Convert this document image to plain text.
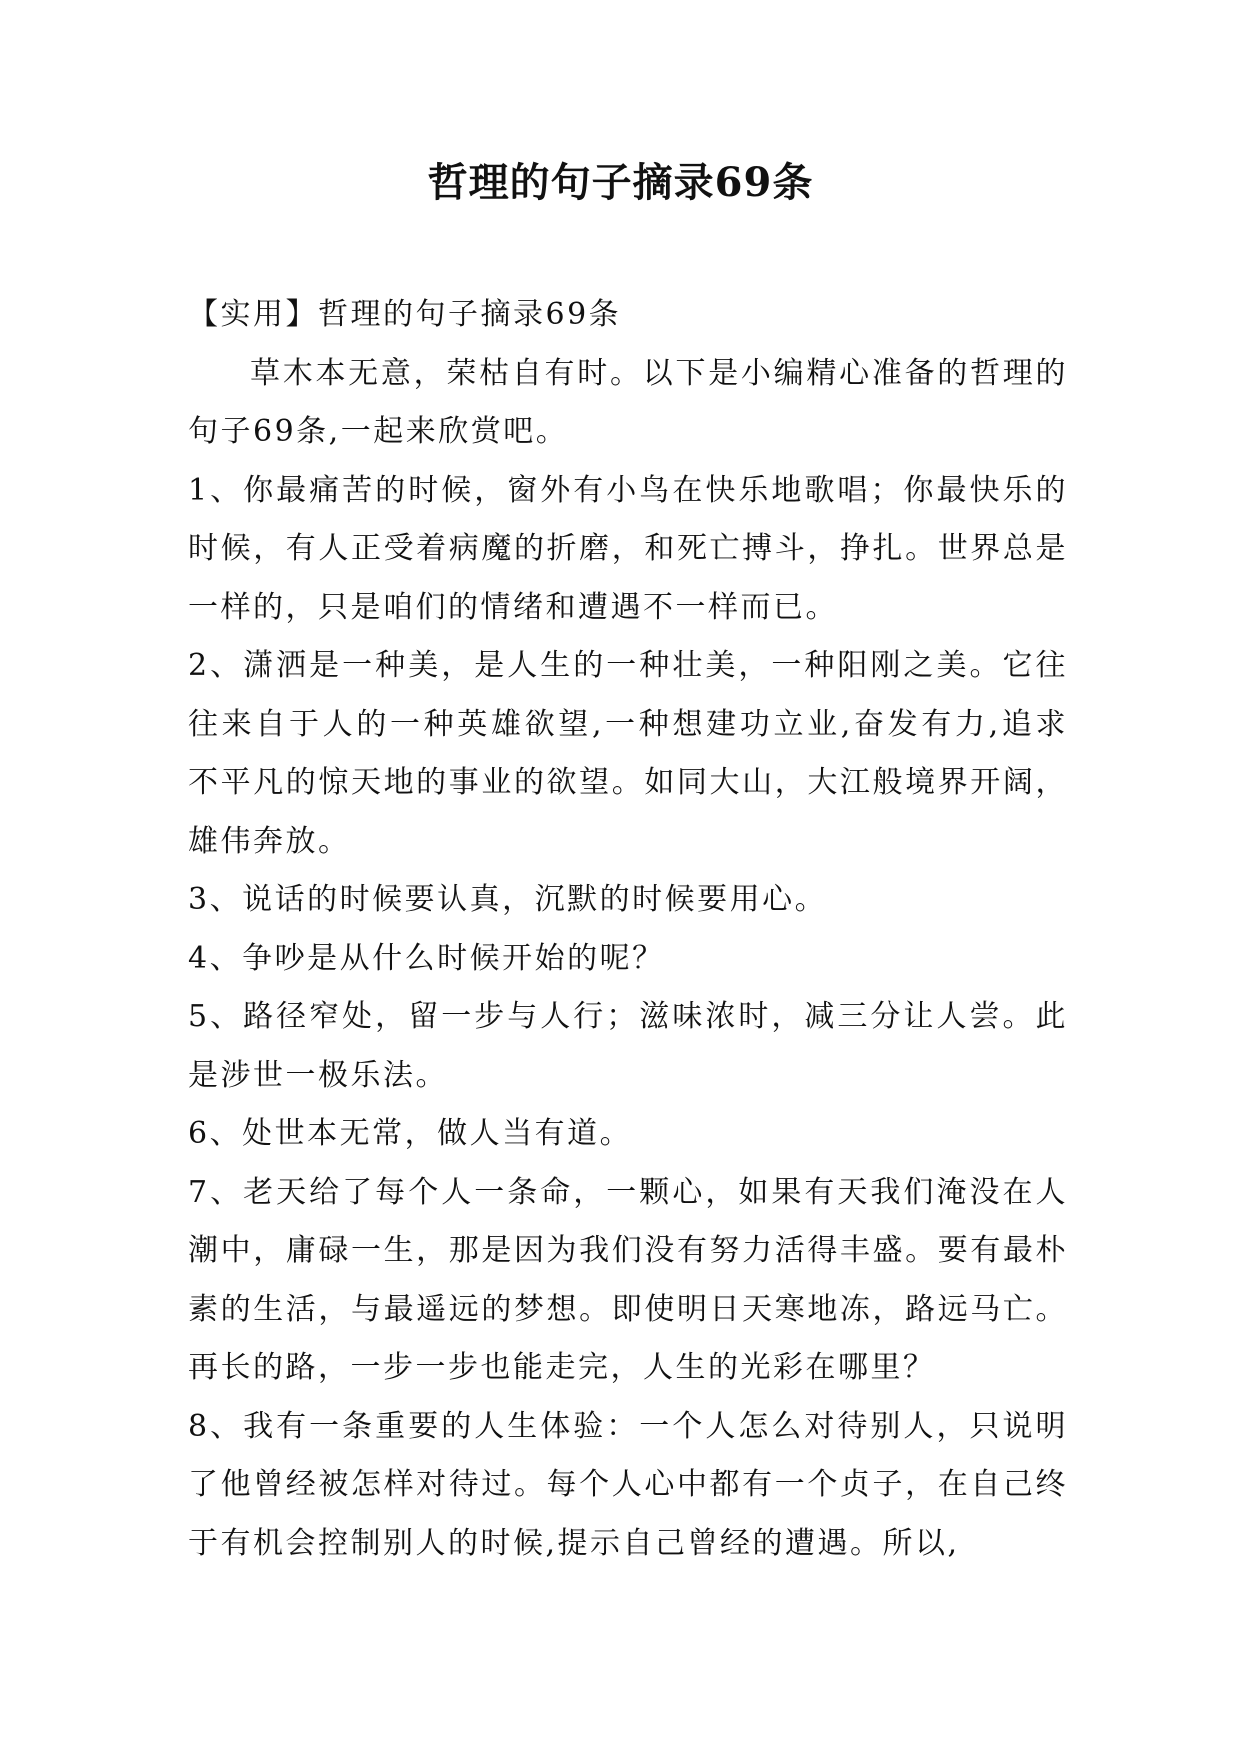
哲理的句子摘录69条

【实用】哲理的句子摘录69条

草木本无意，荣枯自有时。以下是小编精心准备的哲理的句子69条,一起来欣赏吧。

1、你最痛苦的时候，窗外有小鸟在快乐地歌唱；你最快乐的时候，有人正受着病魔的折磨，和死亡搏斗，挣扎。世界总是一样的，只是咱们的情绪和遭遇不一样而已。

2、潇洒是一种美，是人生的一种壮美，一种阳刚之美。它往往来自于人的一种英雄欲望,一种想建功立业,奋发有力,追求不平凡的惊天地的事业的欲望。如同大山，大江般境界开阔，雄伟奔放。

3、说话的时候要认真，沉默的时候要用心。

4、争吵是从什么时候开始的呢？

5、路径窄处，留一步与人行；滋味浓时，减三分让人尝。此是涉世一极乐法。

6、处世本无常，做人当有道。

7、老天给了每个人一条命，一颗心，如果有天我们淹没在人潮中，庸碌一生，那是因为我们没有努力活得丰盛。要有最朴素的生活，与最遥远的梦想。即使明日天寒地冻，路远马亡。再长的路，一步一步也能走完，人生的光彩在哪里？

8、我有一条重要的人生体验：一个人怎么对待别人，只说明了他曾经被怎样对待过。每个人心中都有一个贞子，在自己终于有机会控制别人的时候,提示自己曾经的遭遇。所以,
